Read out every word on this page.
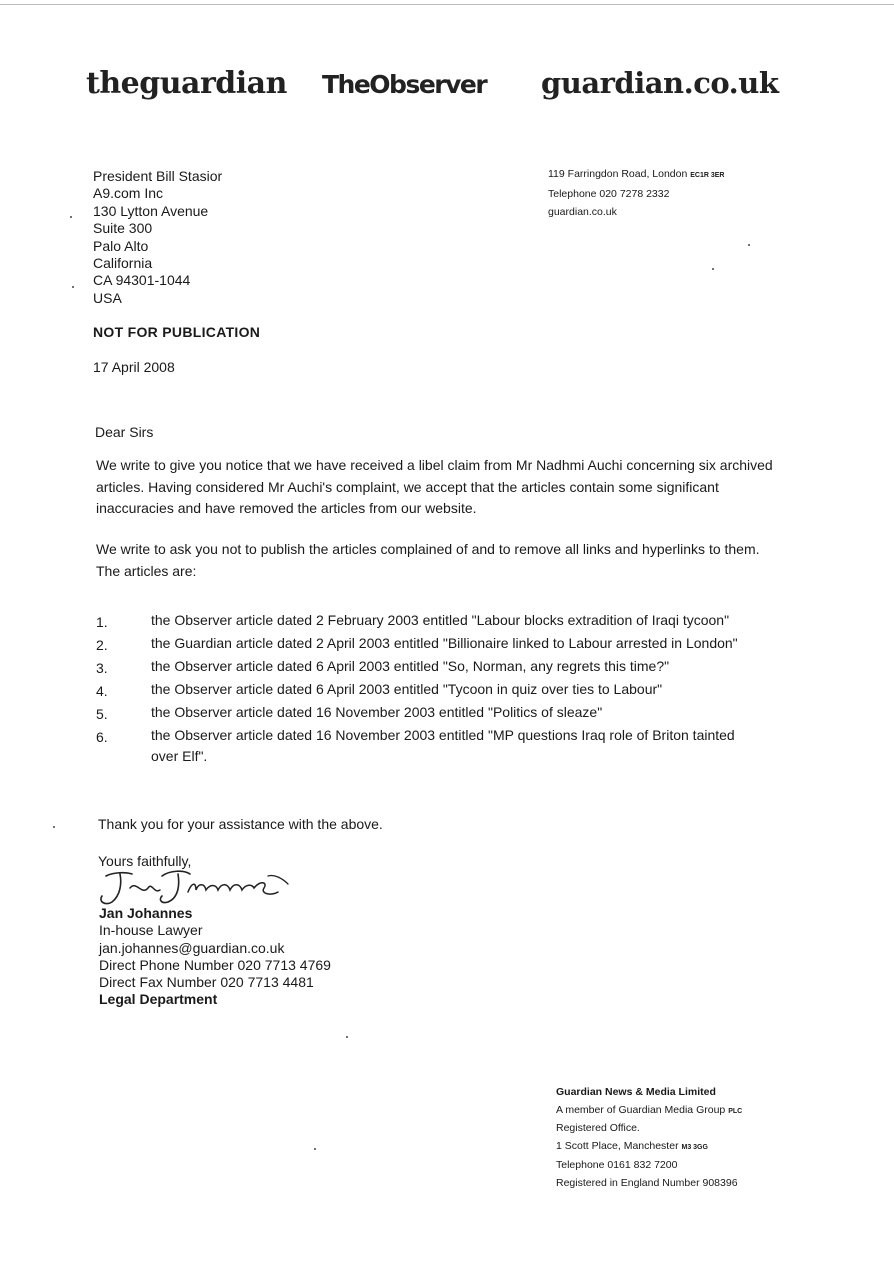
theguardian TheObserver guardian.co.uk
President Bill Stasior
A9.com Inc
130 Lytton Avenue
Suite 300
Palo Alto
California
CA 94301-1044
USA
119 Farringdon Road, London EC1R 3ER
Telephone 020 7278 2332
guardian.co.uk
NOT FOR PUBLICATION
17 April 2008
Dear Sirs
We write to give you notice that we have received a libel claim from Mr Nadhmi Auchi concerning six archived articles. Having considered Mr Auchi's complaint, we accept that the articles contain some significant inaccuracies and have removed the articles from our website.
We write to ask you not to publish the articles complained of and to remove all links and hyperlinks to them. The articles are:
1.	the Observer article dated 2 February 2003 entitled "Labour blocks extradition of Iraqi tycoon"
2.	the Guardian article dated 2 April 2003 entitled "Billionaire linked to Labour arrested in London"
3.	the Observer article dated 6 April 2003 entitled "So, Norman, any regrets this time?"
4.	the Observer article dated 6 April 2003 entitled "Tycoon in quiz over ties to Labour"
5.	the Observer article dated 16 November 2003 entitled "Politics of sleaze"
6.	the Observer article dated 16 November 2003 entitled "MP questions Iraq role of Briton tainted over Elf".
Thank you for your assistance with the above.
Yours faithfully,
Jan Johannes
In-house Lawyer
jan.johannes@guardian.co.uk
Direct Phone Number 020 7713 4769
Direct Fax Number 020 7713 4481
Legal Department
Guardian News & Media Limited
A member of Guardian Media Group PLC
Registered Office.
1 Scott Place, Manchester M3 3GG
Telephone 0161 832 7200
Registered in England Number 908396
